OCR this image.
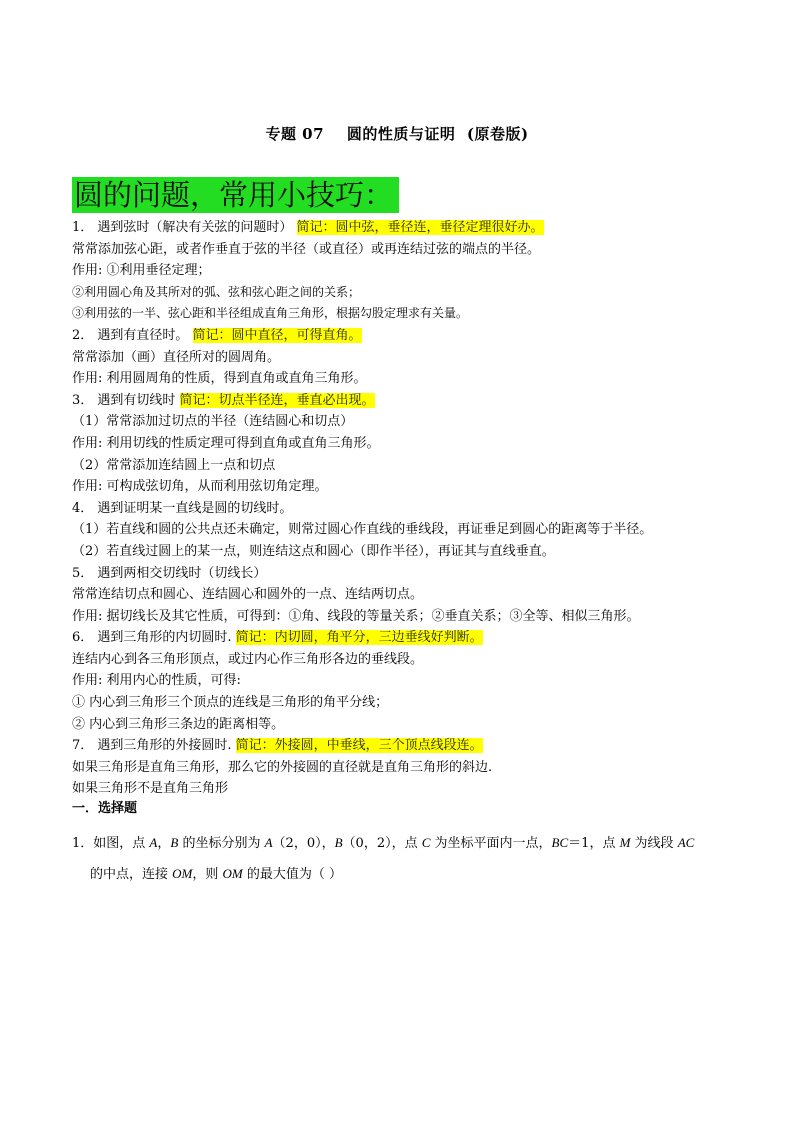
专题 07    圆的性质与证明  (原卷版)
圆的问题，常用小技巧：
1． 遇到弦时（解决有关弦的问题时） 简记：圆中弦，垂径连，垂径定理很好办。
常常添加弦心距，或者作垂直于弦的半径（或直径）或再连结过弦的端点的半径。
作用: ①利用垂径定理；
②利用圆心角及其所对的弧、弦和弦心距之间的关系；
③利用弦的一半、弦心距和半径组成直角三角形，根据勾股定理求有关量。
2． 遇到有直径时。 简记：圆中直径，可得直角。
常常添加（画）直径所对的圆周角。
作用: 利用圆周角的性质，得到直角或直角三角形。
3． 遇到有切线时 简记：切点半径连，垂直必出现。
（1）常常添加过切点的半径（连结圆心和切点）
作用: 利用切线的性质定理可得到直角或直角三角形。
（2）常常添加连结圆上一点和切点
作用: 可构成弦切角，从而利用弦切角定理。
4． 遇到证明某一直线是圆的切线时。
（1）若直线和圆的公共点还未确定，则常过圆心作直线的垂线段，再证垂足到圆心的距离等于半径。
（2）若直线过圆上的某一点，则连结这点和圆心（即作半径），再证其与直线垂直。
5． 遇到两相交切线时（切线长）
常常连结切点和圆心、连结圆心和圆外的一点、连结两切点。
作用: 据切线长及其它性质，可得到：①角、线段的等量关系；②垂直关系；③全等、相似三角形。
6． 遇到三角形的内切圆时. 简记：内切圆，角平分，三边垂线好判断。
连结内心到各三角形顶点，或过内心作三角形各边的垂线段。
作用: 利用内心的性质，可得:
① 内心到三角形三个顶点的连线是三角形的角平分线；
② 内心到三角形三条边的距离相等。
7． 遇到三角形的外接圆时. 简记：外接圆，中垂线，三个顶点线段连。
如果三角形是直角三角形，那么它的外接圆的直径就是直角三角形的斜边.
如果三角形不是直角三角形
一．选择题
1．如图，点 A，B 的坐标分别为 A（2，0），B（0，2），点 C 为坐标平面内一点，BC＝1，点 M 为线段 AC
的中点，连接 OM，则 OM 的最大值为（ ）
